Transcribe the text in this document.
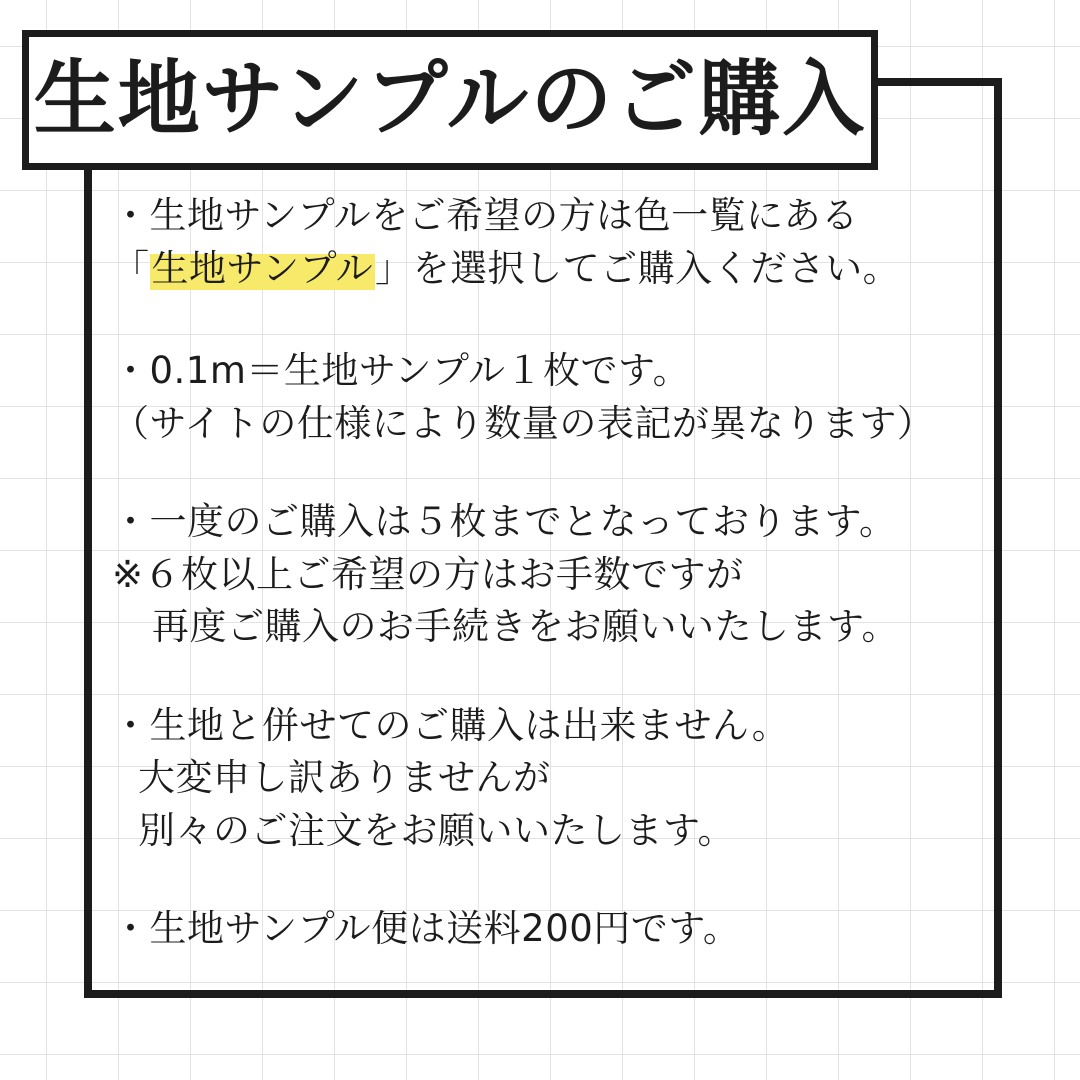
生地サンプルのご購入
・生地サンプルをご希望の方は色一覧にある
「生地サンプル」を選択してご購入ください。
・0.1m＝生地サンプル１枚です。
（サイトの仕様により数量の表記が異なります）
・一度のご購入は５枚までとなっております。
※６枚以上ご希望の方はお手数ですが
再度ご購入のお手続きをお願いいたします。
・生地と併せてのご購入は出来ません。
大変申し訳ありませんが
別々のご注文をお願いいたします。
・生地サンプル便は送料200円です。
